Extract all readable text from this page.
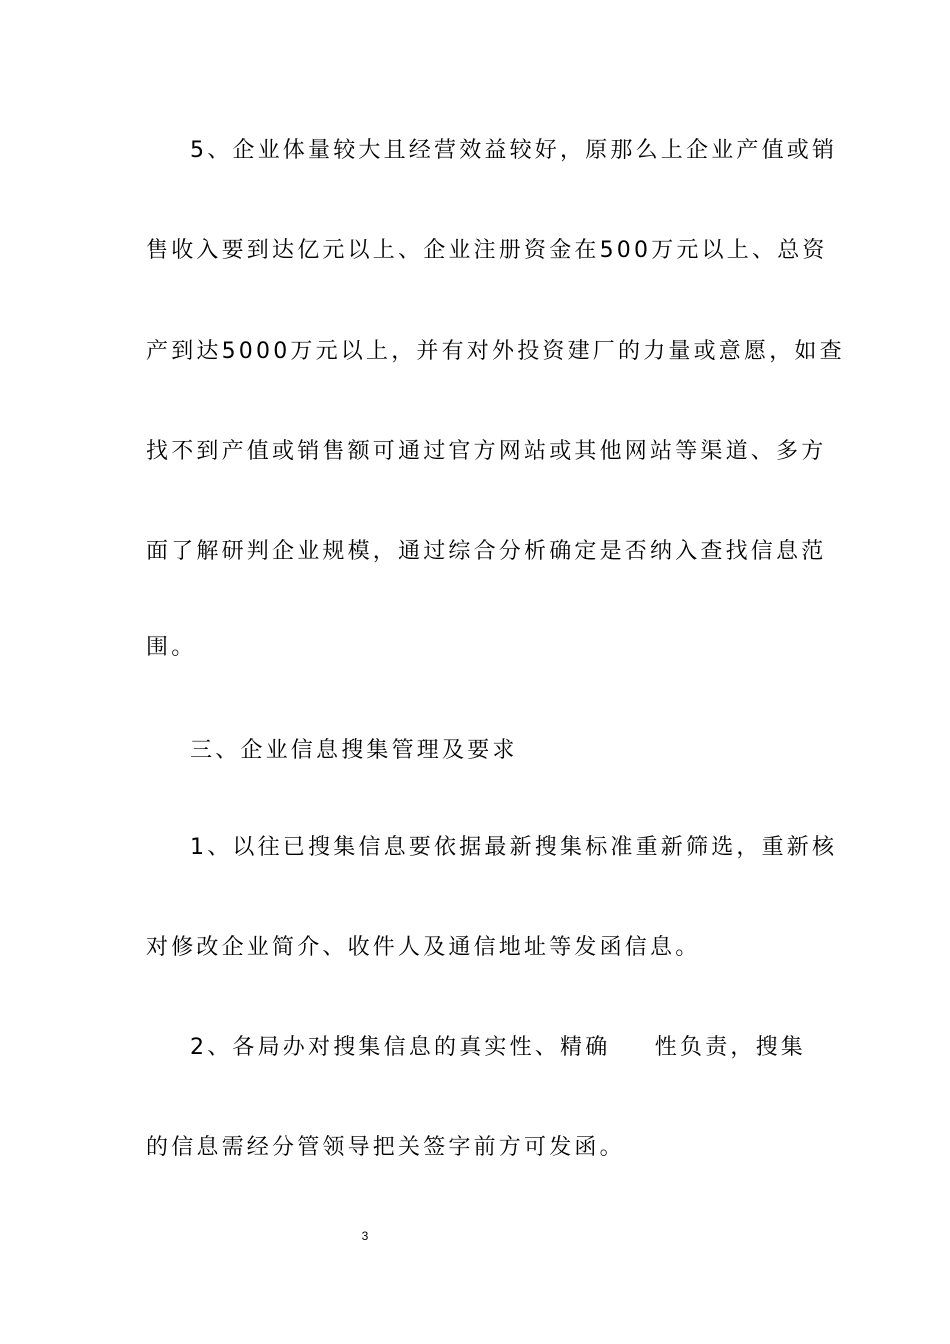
5、企业体量较大且经营效益较好，原那么上企业产值或销
售收入要到达亿元以上、企业注册资金在500万元以上、总资
产到达5000万元以上，并有对外投资建厂的力量或意愿，如查
找不到产值或销售额可通过官方网站或其他网站等渠道、多方
面了解研判企业规模，通过综合分析确定是否纳入查找信息范
围。
三、企业信息搜集管理及要求
1、以往已搜集信息要依据最新搜集标准重新筛选，重新核
对修改企业简介、收件人及通信地址等发函信息。
2、各局办对搜集信息的真实性、精确 性负责，搜集
的信息需经分管领导把关签字前方可发函。
3
